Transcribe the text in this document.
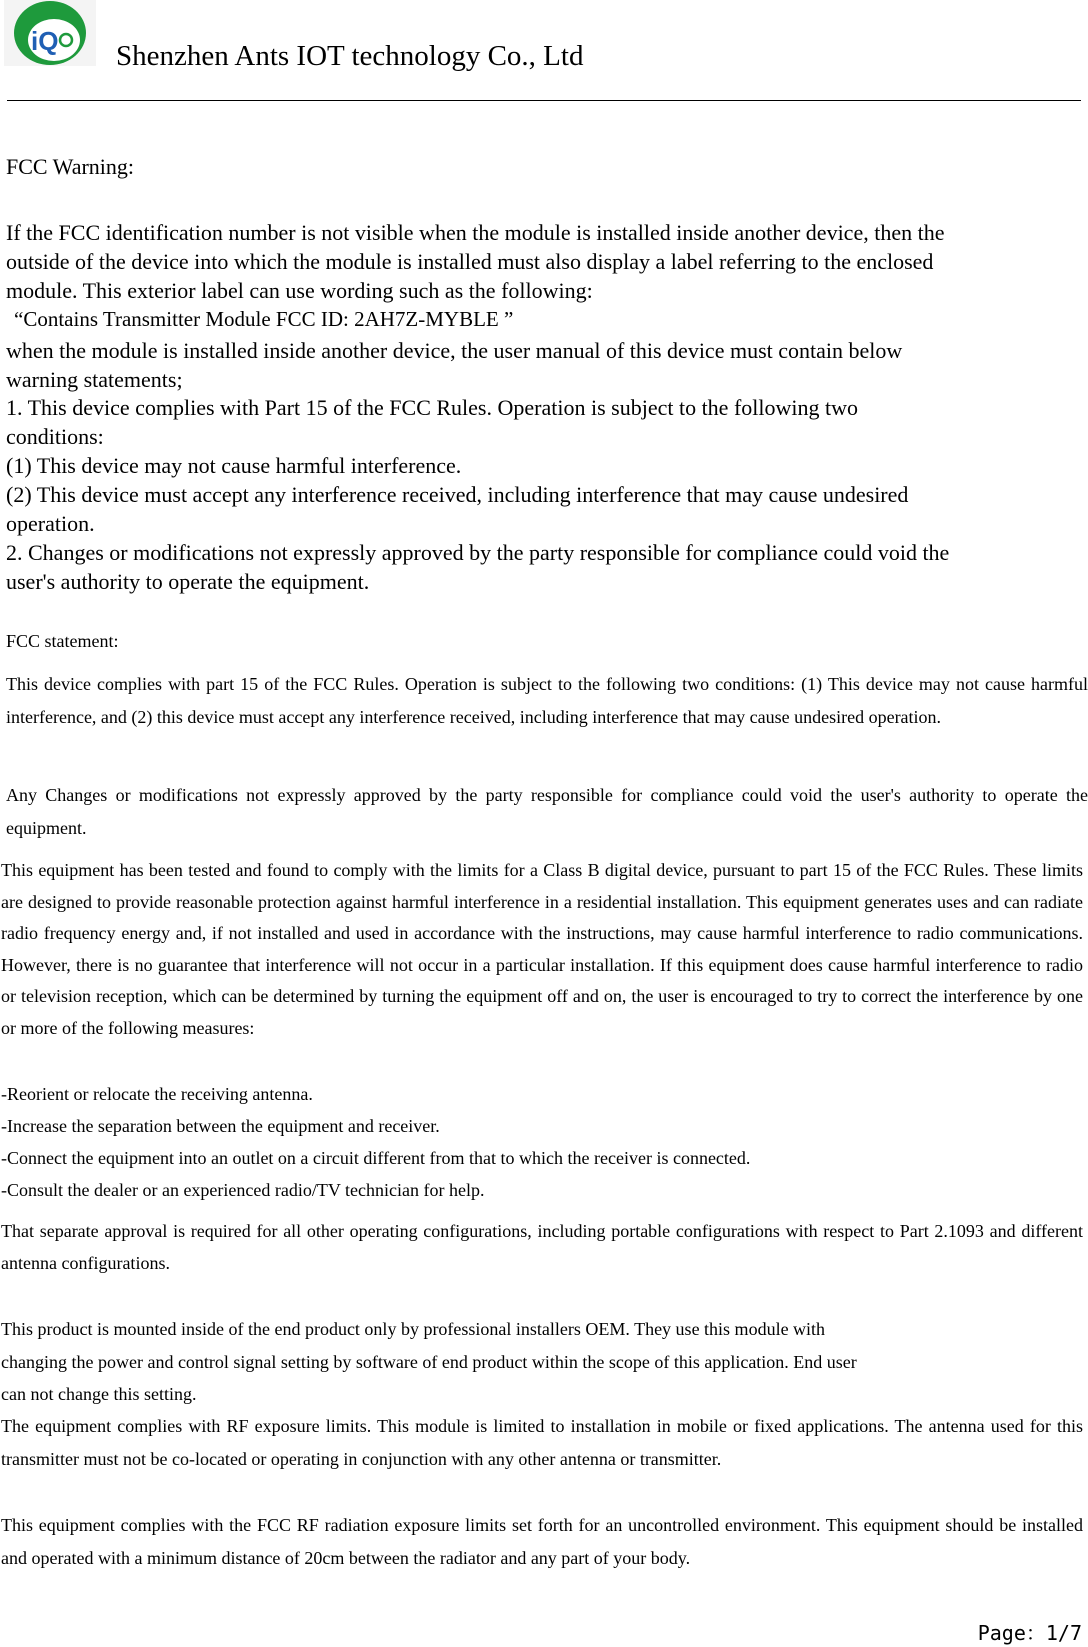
iQ Shenzhen Ants IOT technology Co., Ltd
FCC Warning:
If the FCC identification number is not visible when the module is installed inside another device, then the
outside of the device into which the module is installed must also display a label referring to the enclosed
module. This exterior label can use wording such as the following:
“Contains Transmitter Module FCC ID: 2AH7Z-MYBLE ”
when the module is installed inside another device, the user manual of this device must contain below
warning statements;
1. This device complies with Part 15 of the FCC Rules. Operation is subject to the following two
conditions:
(1) This device may not cause harmful interference.
(2) This device must accept any interference received, including interference that may cause undesired
operation.
2. Changes or modifications not expressly approved by the party responsible for compliance could void the
user's authority to operate the equipment.
FCC statement:
This device complies with part 15 of the FCC Rules. Operation is subject to the following two conditions: (1) This device may not cause harmful interference, and (2) this device must accept any interference received, including interference that may cause undesired operation.
Any Changes or modifications not expressly approved by the party responsible for compliance could void the user's authority to operate the equipment.
This equipment has been tested and found to comply with the limits for a Class B digital device, pursuant to part 15 of the FCC Rules. These limits are designed to provide reasonable protection against harmful interference in a residential installation. This equipment generates uses and can radiate radio frequency energy and, if not installed and used in accordance with the instructions, may cause harmful interference to radio communications. However, there is no guarantee that interference will not occur in a particular installation. If this equipment does cause harmful interference to radio or television reception, which can be determined by turning the equipment off and on, the user is encouraged to try to correct the interference by one or more of the following measures:
-Reorient or relocate the receiving antenna.
-Increase the separation between the equipment and receiver.
-Connect the equipment into an outlet on a circuit different from that to which the receiver is connected.
-Consult the dealer or an experienced radio/TV technician for help.
That separate approval is required for all other operating configurations, including portable configurations with respect to Part 2.1093 and different antenna configurations.
This product is mounted inside of the end product only by professional installers OEM. They use this module with
changing the power and control signal setting by software of end product within the scope of this application. End user
can not change this setting.
The equipment complies with RF exposure limits. This module is limited to installation in mobile or fixed applications. The antenna used for this transmitter must not be co-located or operating in conjunction with any other antenna or transmitter.
This equipment complies with the FCC RF radiation exposure limits set forth for an uncontrolled environment. This equipment should be installed and operated with a minimum distance of 20cm between the radiator and any part of your body.
Page：1/7
